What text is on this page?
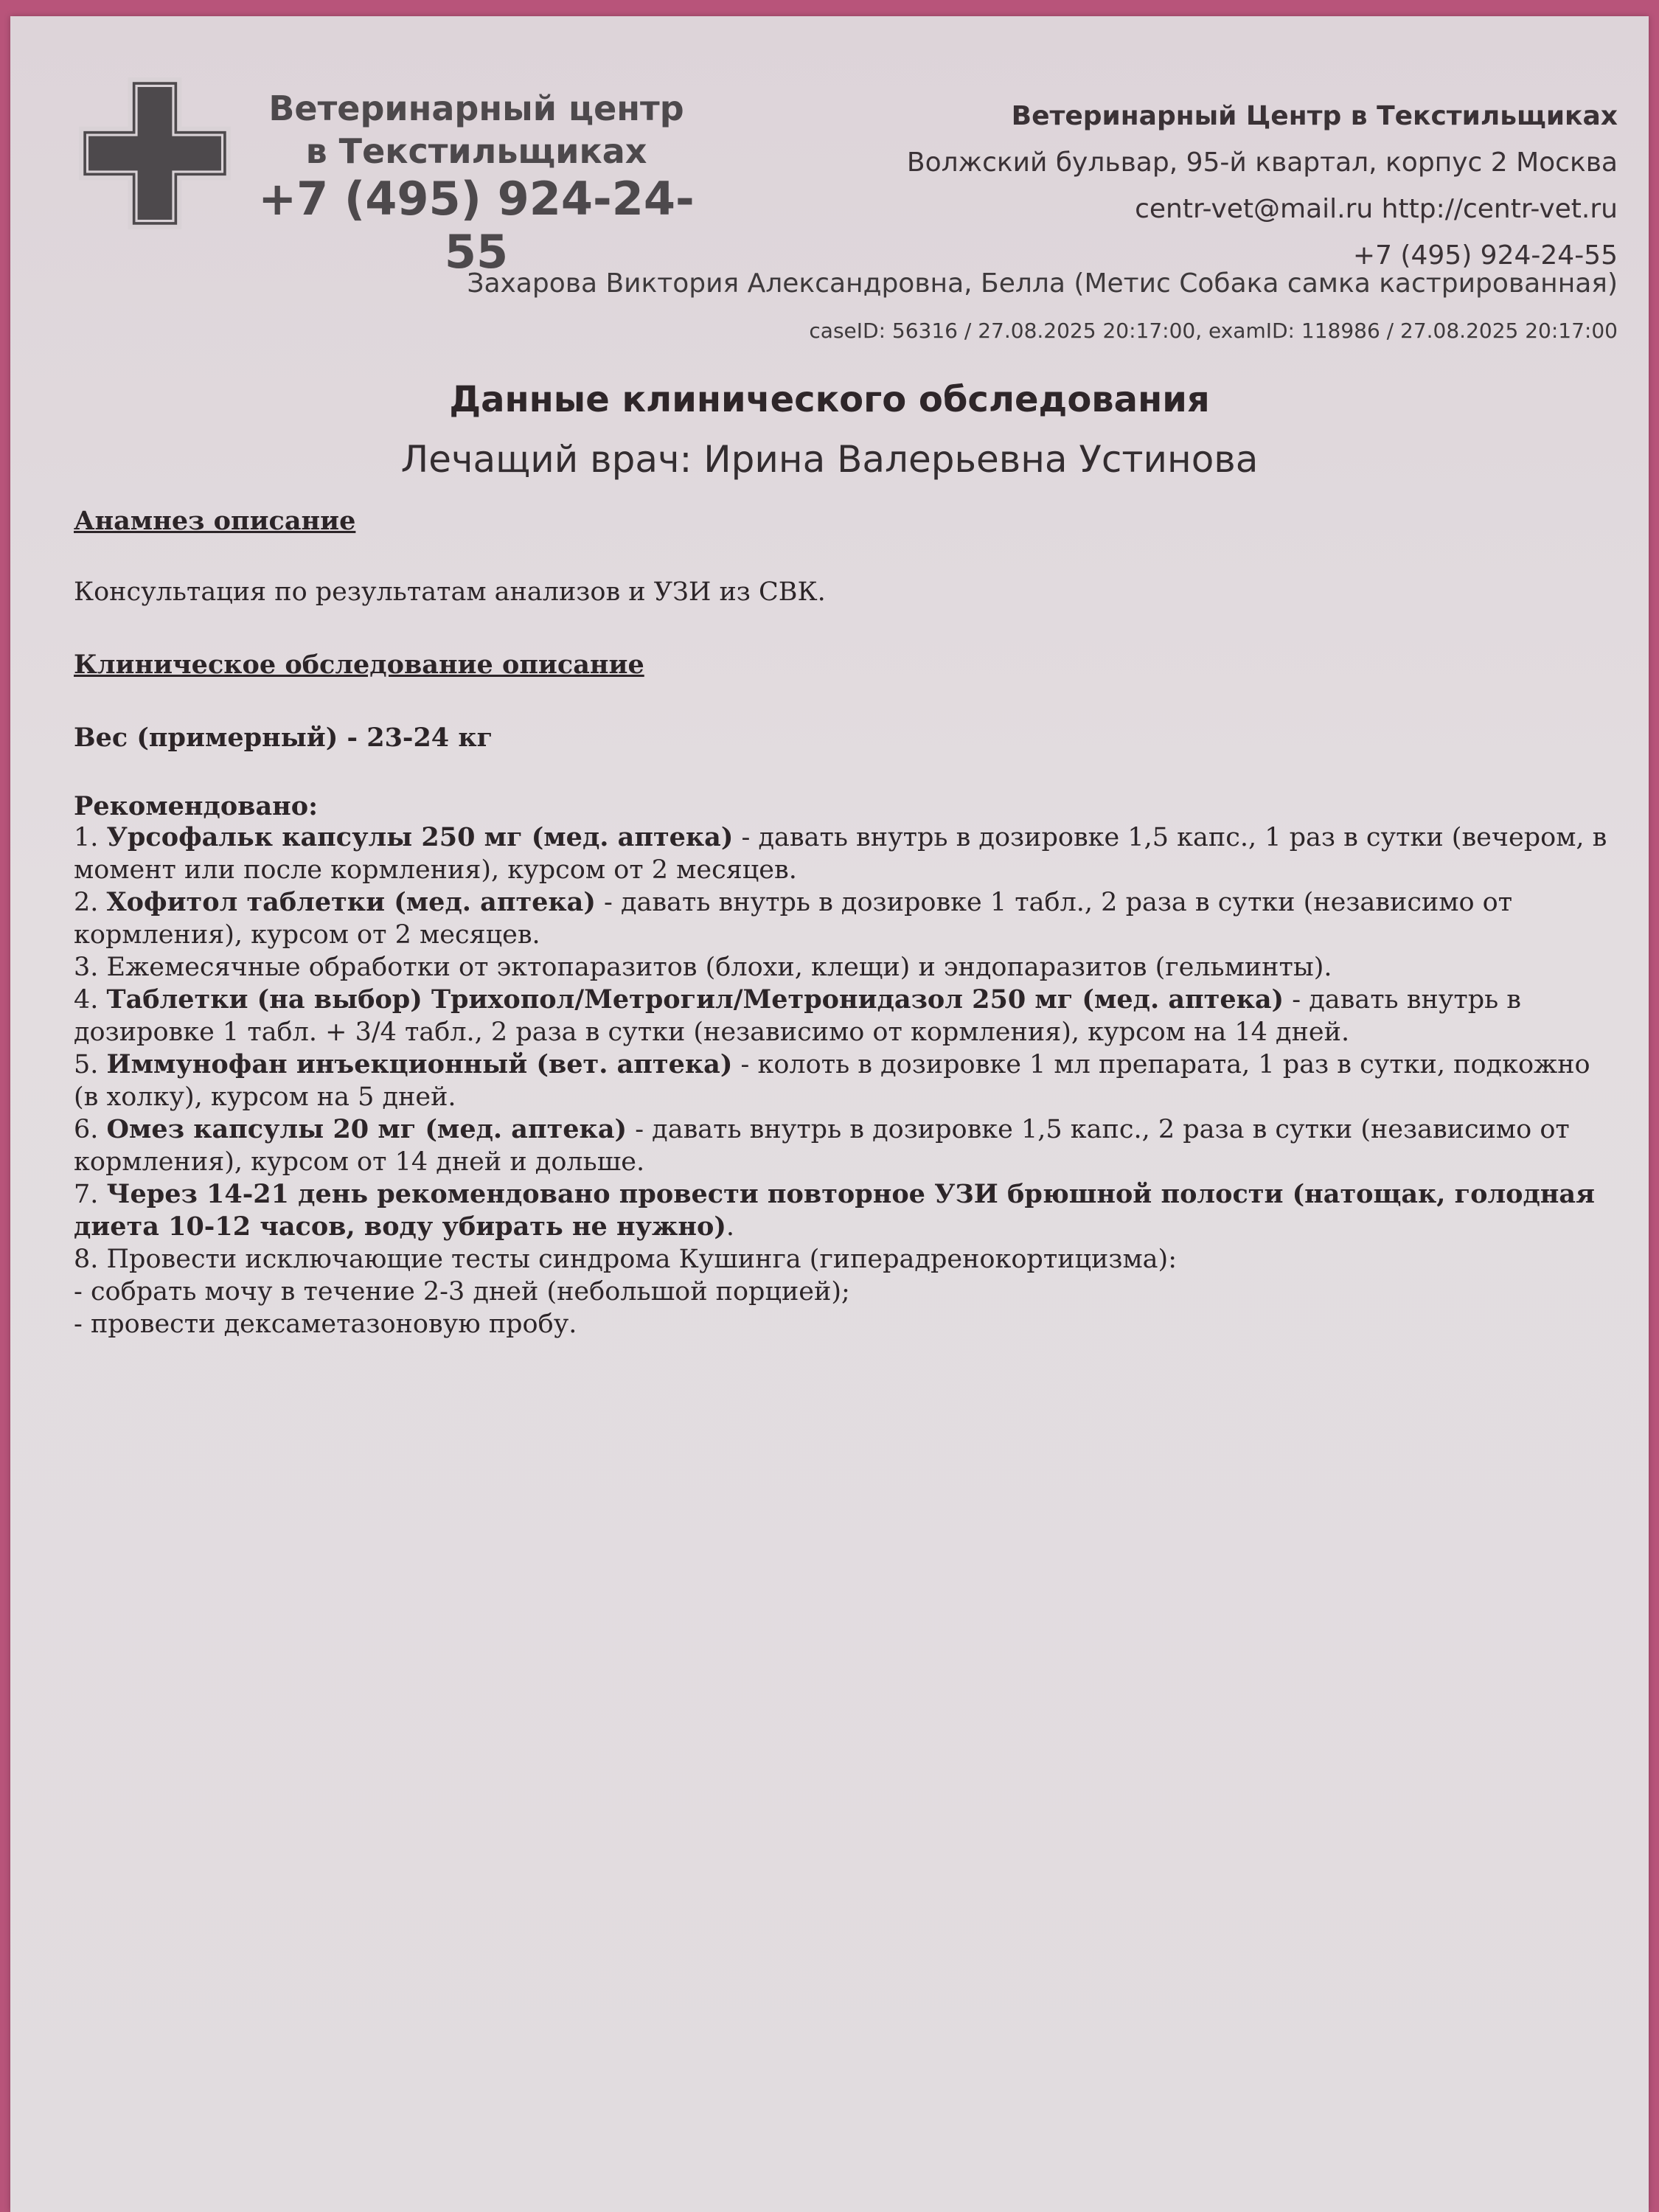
Ветеринарный центр
в Текстильщиках
+7 (495) 924-24-55
Ветеринарный Центр в Текстильщиках
Волжский бульвар, 95-й квартал, корпус 2 Москва
centr-vet@mail.ru http://centr-vet.ru
+7 (495) 924-24-55
Захарова Виктория Александровна, Белла (Метис Собака самка кастрированная)
caseID: 56316 / 27.08.2025 20:17:00, examID: 118986 / 27.08.2025 20:17:00
Данные клинического обследования
Лечащий врач: Ирина Валерьевна Устинова

Анамнез описание

Консультация по результатам анализов и УЗИ из СВК.

Клиническое обследование описание

Вес (примерный) - 23-24 кг

Рекомендовано:

1. Урсофальк капсулы 250 мг (мед. аптека) - давать внутрь в дозировке 1,5 капс., 1 раз в сутки (вечером, в момент или после кормления), курсом от 2 месяцев.

2. Хофитол таблетки (мед. аптека) - давать внутрь в дозировке 1 табл., 2 раза в сутки (независимо от кормления), курсом от 2 месяцев.

3. Ежемесячные обработки от эктопаразитов (блохи, клещи) и эндопаразитов (гельминты).

4. Таблетки (на выбор) Трихопол/Метрогил/Метронидазол 250 мг (мед. аптека) - давать внутрь в дозировке 1 табл. + 3/4 табл., 2 раза в сутки (независимо от кормления), курсом на 14 дней.

5. Иммунофан инъекционный (вет. аптека) - колоть в дозировке 1 мл препарата, 1 раз в сутки, подкожно (в холку), курсом на 5 дней.

6. Омез капсулы 20 мг (мед. аптека) - давать внутрь в дозировке 1,5 капс., 2 раза в сутки (независимо от кормления), курсом от 14 дней и дольше.

7. Через 14-21 день рекомендовано провести повторное УЗИ брюшной полости (натощак, голодная диета 10-12 часов, воду убирать не нужно).

8. Провести исключающие тесты синдрома Кушинга (гиперадренокортицизма):

- собрать мочу в течение 2-3 дней (небольшой порцией);

- провести дексаметазоновую пробу.
